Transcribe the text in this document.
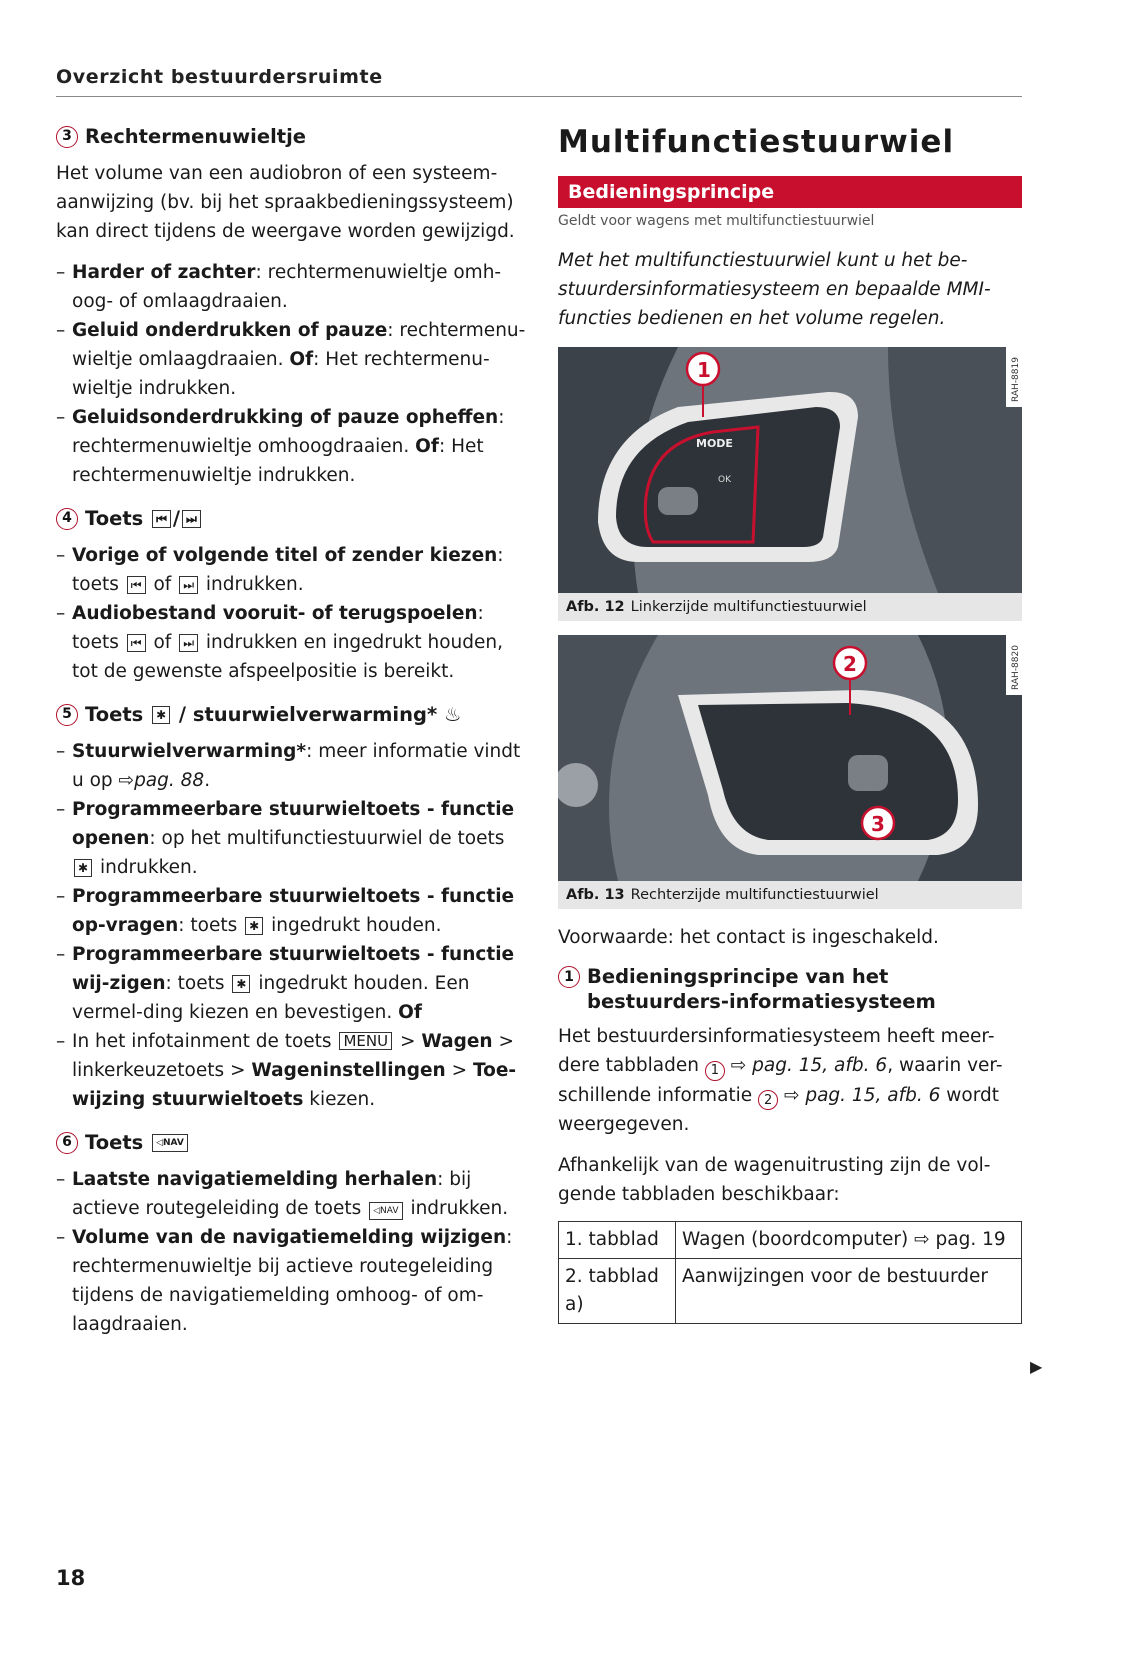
Overzicht bestuurdersruimte
3 Rechtermenuwieltje

Het volume van een audiobron of een systeem-aanwijzing (bv. bij het spraakbedieningssysteem) kan direct tijdens de weergave worden gewijzigd.

– Harder of zachter: rechtermenuwieltje omh-oog- of omlaagdraaien.
– Geluid onderdrukken of pauze: rechtermenu-wieltje omlaagdraaien. Of: Het rechtermenu-wieltje indrukken.
– Geluidsonderdrukking of pauze opheffen: rechtermenuwieltje omhoogdraaien. Of: Het rechtermenuwieltje indrukken.
4 Toets
	⏮ / ⏭
– Vorige of volgende titel of zender kiezen: toets ⏮ of ⏭ indrukken.
– Audiobestand vooruit- of terugspoelen: toets ⏮ of ⏭ indrukken en ingedrukt houden, tot de gewenste afspeelpositie is bereikt.
5 Toets
	✱
/ stuurwielverwarming*
♨
– Stuurwielverwarming*: meer informatie vindt u op ⇨pag. 88.
– Programmeerbare stuurwieltoets - functie openen: op het multifunctiestuurwiel de toets ✱ indrukken.
– Programmeerbare stuurwieltoets - functie op-vragen: toets ✱ ingedrukt houden.
– Programmeerbare stuurwieltoets - functie wij-zigen: toets ✱ ingedrukt houden. Een vermel-ding kiezen en bevestigen. Of
– In het infotainment de toets MENU > Wagen > linkerkeuzetoets > Wageninstellingen > Toe-wijzing stuurwieltoets kiezen.
6 Toets
	◁NAV
– Laatste navigatiemelding herhalen: bij actieve routegeleiding de toets ◁NAV indrukken.
– Volume van de navigatiemelding wijzigen: rechtermenuwieltje bij actieve routegeleiding tijdens de navigatiemelding omhoog- of om-laagdraaien.
Multifunctiestuurwiel
Bedieningsprincipe
Geldt voor wagens met multifunctiestuurwiel
Met het multifunctiestuurwiel kunt u het be-stuurdersinformatiesysteem en bepaalde MMI-functies bedienen en het volume regelen.
OK
MODE
1	RAH-8819
Afb. 12 Linkerzijde multifunctiestuurwiel
2
3
RAH-8820
Afb. 13 Rechterzijde multifunctiestuurwiel

Voorwaarde: het contact is ingeschakeld.

1 Bedieningsprincipe van het bestuurders-informatiesysteem

Het bestuurdersinformatiesysteem heeft meer-dere tabbladen 1 ⇨ pag. 15, afb. 6, waarin ver-schillende informatie 2 ⇨ pag. 15, afb. 6 wordt weergegeven.

Afhankelijk van de wagenuitrusting zijn de vol-gende tabbladen beschikbaar:

1. tabblad	Wagen (boordcomputer) ⇨ pag. 19
2. tabblad a)	Aanwijzingen voor de bestuurder
▶
18
